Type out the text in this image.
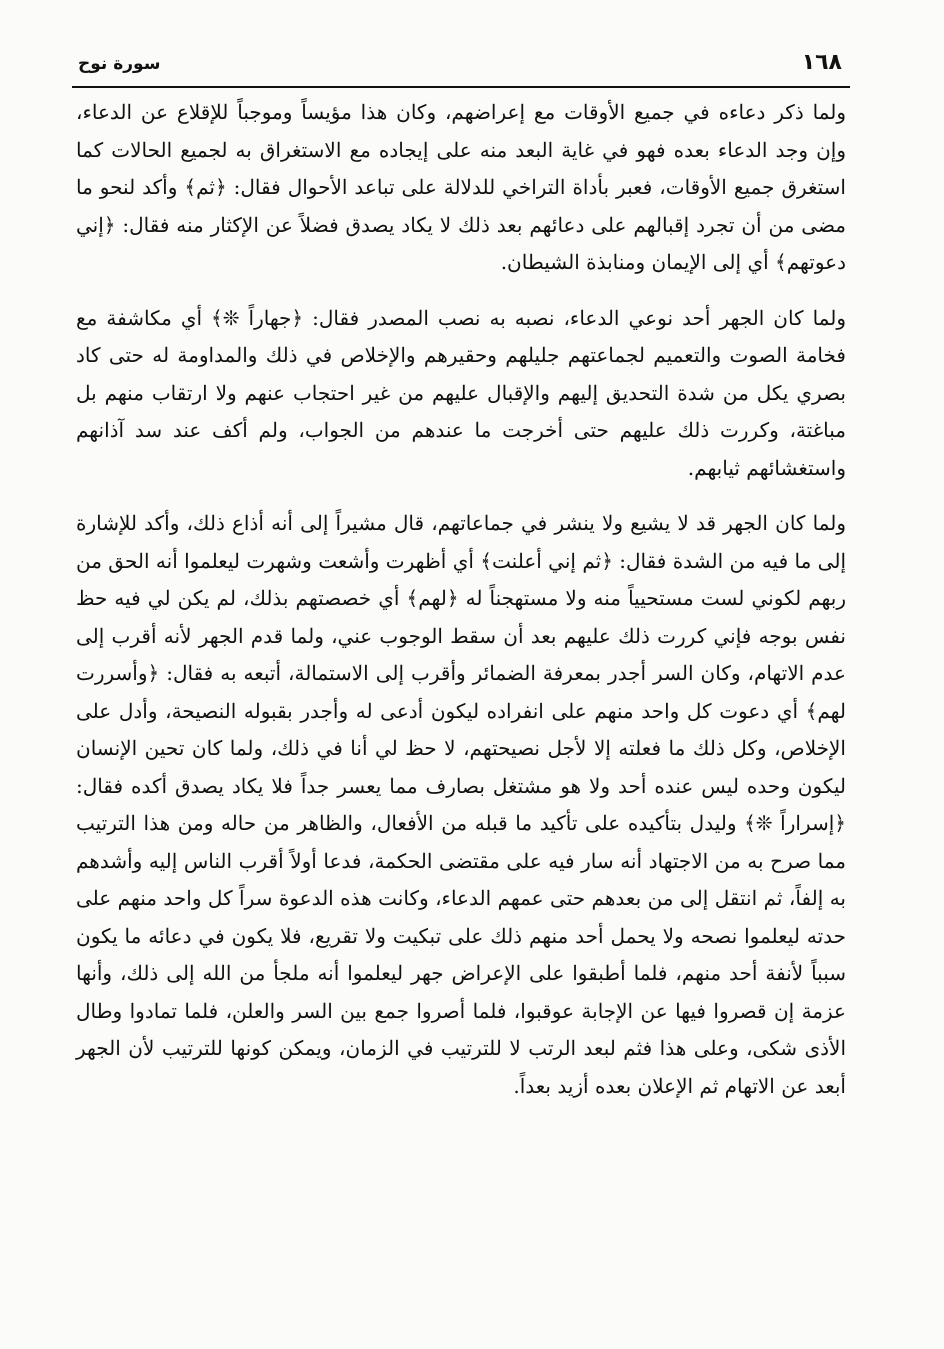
١٦٨
سورة نوح

ولما ذكر دعاءه في جميع الأوقات مع إعراضهم، وكان هذا مؤيساً وموجباً للإقلاع عن الدعاء، وإن وجد الدعاء بعده فهو في غاية البعد منه على إيجاده مع الاستغراق به لجميع الحالات كما استغرق جميع الأوقات، فعبر بأداة التراخي للدلالة على تباعد الأحوال فقال: ﴿ثم﴾ وأكد لنحو ما مضى من أن تجرد إقبالهم على دعائهم بعد ذلك لا يكاد يصدق فضلاً عن الإكثار منه فقال: ﴿إني دعوتهم﴾ أي إلى الإيمان ومنابذة الشيطان.

ولما كان الجهر أحد نوعي الدعاء، نصبه به نصب المصدر فقال: ﴿جهاراً ❊﴾ أي مكاشفة مع فخامة الصوت والتعميم لجماعتهم جليلهم وحقيرهم والإخلاص في ذلك والمداومة له حتى كاد بصري يكل من شدة التحديق إليهم والإقبال عليهم من غير احتجاب عنهم ولا ارتقاب منهم بل مباغتة، وكررت ذلك عليهم حتى أخرجت ما عندهم من الجواب، ولم أكف عند سد آذانهم واستغشائهم ثيابهم.

ولما كان الجهر قد لا يشيع ولا ينشر في جماعاتهم، قال مشيراً إلى أنه أذاع ذلك، وأكد للإشارة إلى ما فيه من الشدة فقال: ﴿ثم إني أعلنت﴾ أي أظهرت وأشعت وشهرت ليعلموا أنه الحق من ربهم لكوني لست مستحيياً منه ولا مستهجناً له ﴿لهم﴾ أي خصصتهم بذلك، لم يكن لي فيه حظ نفس بوجه فإني كررت ذلك عليهم بعد أن سقط الوجوب عني، ولما قدم الجهر لأنه أقرب إلى عدم الاتهام، وكان السر أجدر بمعرفة الضمائر وأقرب إلى الاستمالة، أتبعه به فقال: ﴿وأسررت لهم﴾ أي دعوت كل واحد منهم على انفراده ليكون أدعى له وأجدر بقبوله النصيحة، وأدل على الإخلاص، وكل ذلك ما فعلته إلا لأجل نصيحتهم، لا حظ لي أنا في ذلك، ولما كان تحين الإنسان ليكون وحده ليس عنده أحد ولا هو مشتغل بصارف مما يعسر جداً فلا يكاد يصدق أكده فقال: ﴿إسراراً ❊﴾ وليدل بتأكيده على تأكيد ما قبله من الأفعال، والظاهر من حاله ومن هذا الترتيب مما صرح به من الاجتهاد أنه سار فيه على مقتضى الحكمة، فدعا أولاً أقرب الناس إليه وأشدهم به إلفاً، ثم انتقل إلى من بعدهم حتى عمهم الدعاء، وكانت هذه الدعوة سراً كل واحد منهم على حدته ليعلموا نصحه ولا يحمل أحد منهم ذلك على تبكيت ولا تقريع، فلا يكون في دعائه ما يكون سبباً لأنفة أحد منهم، فلما أطبقوا على الإعراض جهر ليعلموا أنه ملجأ من الله إلى ذلك، وأنها عزمة إن قصروا فيها عن الإجابة عوقبوا، فلما أصروا جمع بين السر والعلن، فلما تمادوا وطال الأذى شكى، وعلى هذا فثم لبعد الرتب لا للترتيب في الزمان، ويمكن كونها للترتيب لأن الجهر أبعد عن الاتهام ثم الإعلان بعده أزيد بعداً.
